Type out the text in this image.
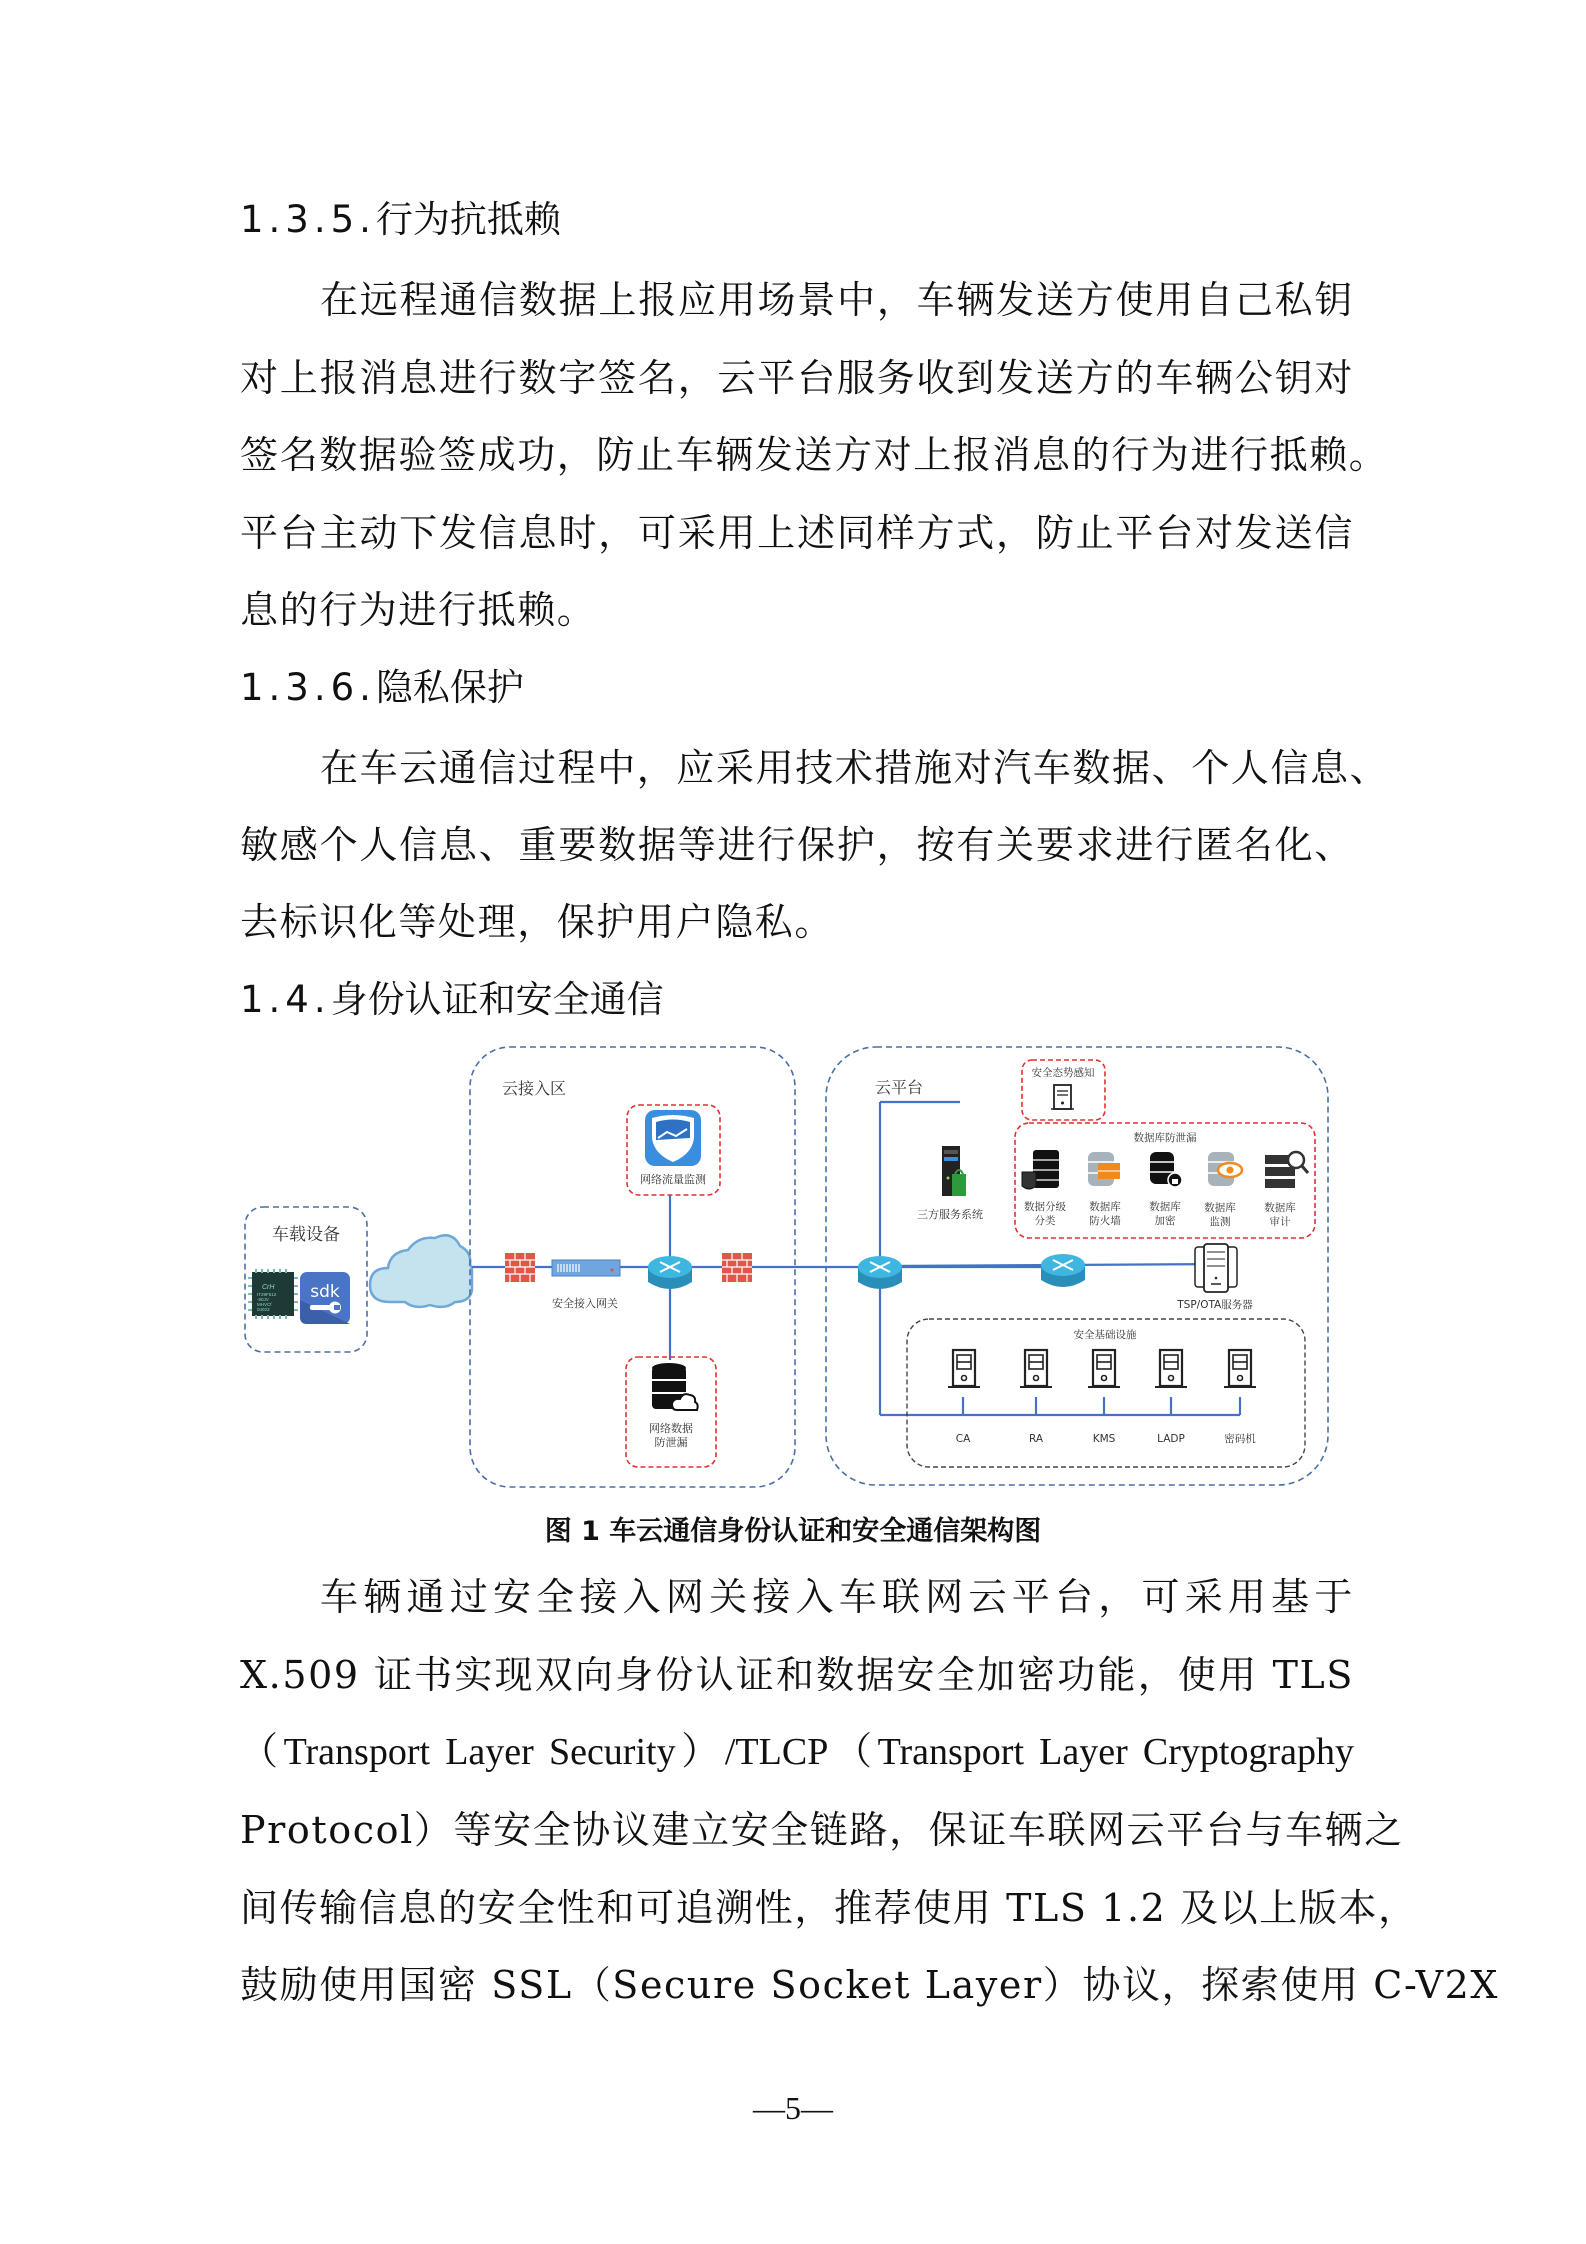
1.3.5.行为抗抵赖
在远程通信数据上报应用场景中，车辆发送方使用自己私钥
对上报消息进行数字签名，云平台服务收到发送方的车辆公钥对
签名数据验签成功，防止车辆发送方对上报消息的行为进行抵赖。
平台主动下发信息时，可采用上述同样方式，防止平台对发送信
息的行为进行抵赖。
1.3.6.隐私保护
在车云通信过程中，应采用技术措施对汽车数据、个人信息、
敏感个人信息、重要数据等进行保护，按有关要求进行匿名化、
去标识化等处理，保护用户隐私。
1.4.身份认证和安全通信
车载设备
CrH
IT29F512
-80JV
MHVCf
04023
sdk
云接入区	云平台
安全接入网关
网络流量监测
网络数据
防泄漏
安全态势感知
三方服务系统
数据库防泄漏
数据分级
分类
数据库
防火墙
数据库
加密
数据库
监测
数据库
审计
TSP/OTA服务器
安全基础设施
CA	RA	KMS	LADP	密码机
图 1 车云通信身份认证和安全通信架构图
车辆通过安全接入网关接入车联网云平台，可采用基于
X.509 证书实现双向身份认证和数据安全加密功能，使用 TLS
（Transport Layer Security）/TLCP（Transport Layer Cryptography
Protocol）等安全协议建立安全链路，保证车联网云平台与车辆之
间传输信息的安全性和可追溯性，推荐使用 TLS 1.2 及以上版本，
鼓励使用国密 SSL（Secure Socket Layer）协议，探索使用 C-V2X
—5—
